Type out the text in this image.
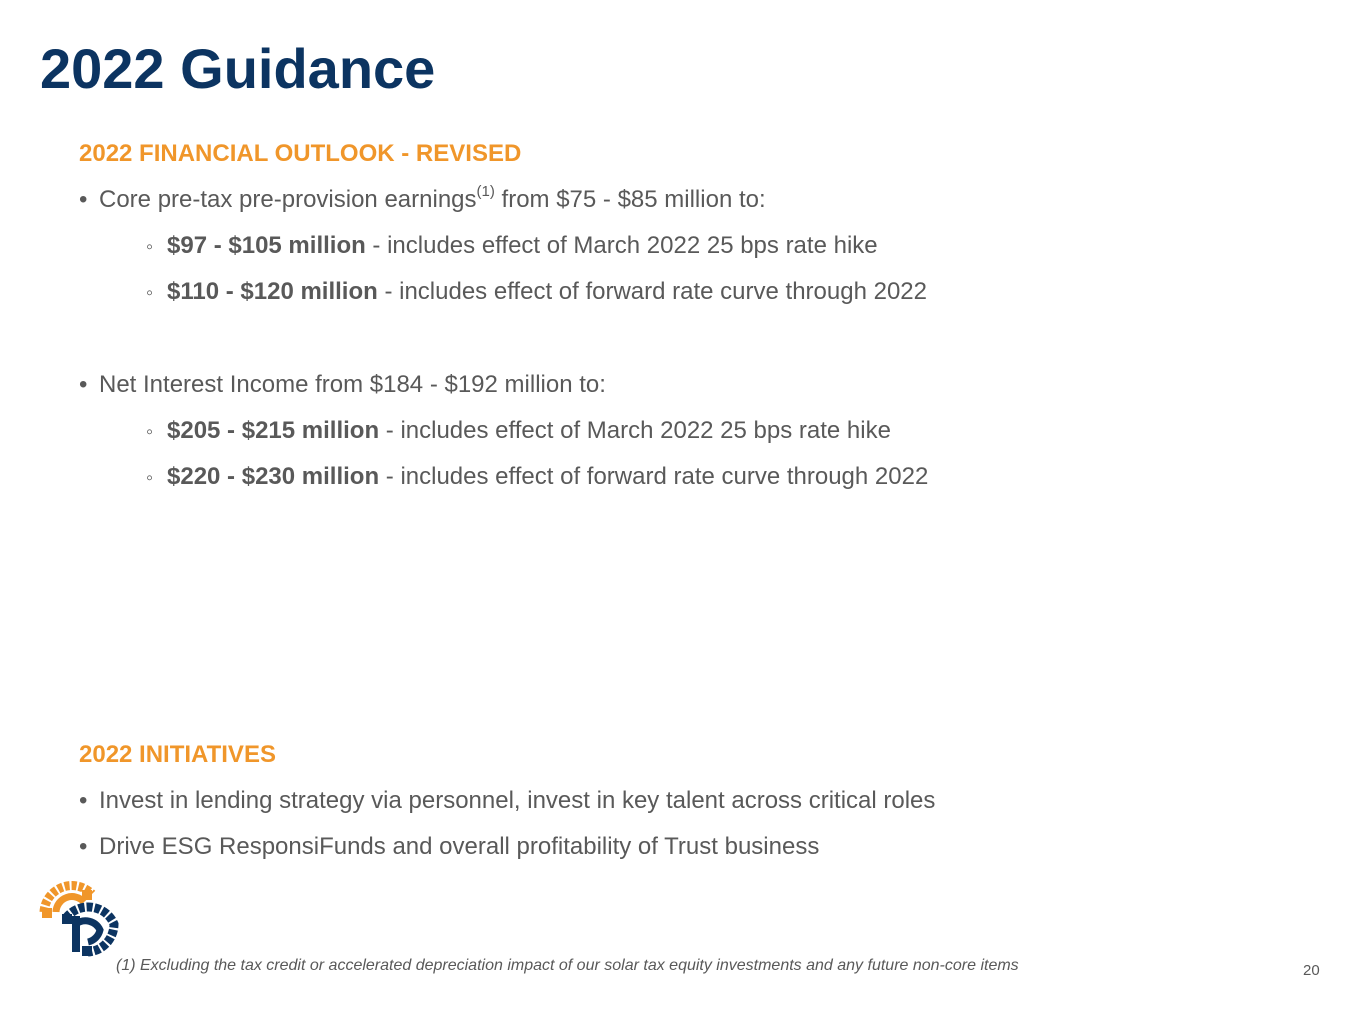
2022 Guidance
2022 FINANCIAL OUTLOOK - REVISED
• Core pre-tax pre-provision earnings$^{(1)}$ from $75 - $85 million to:
◦ $97 - $105 million - includes effect of March 2022 25 bps rate hike
◦ $110 - $120 million - includes effect of forward rate curve through 2022
• Net Interest Income from $184 - $192 million to:
◦ $205 - $215 million - includes effect of March 2022 25 bps rate hike
◦ $220 - $230 million - includes effect of forward rate curve through 2022
2022 INITIATIVES
• Invest in lending strategy via personnel, invest in key talent across critical roles
• Drive ESG ResponsiFunds and overall profitability of Trust business
(1) Excluding the tax credit or accelerated depreciation impact of our solar tax equity investments and any future non-core items	20
